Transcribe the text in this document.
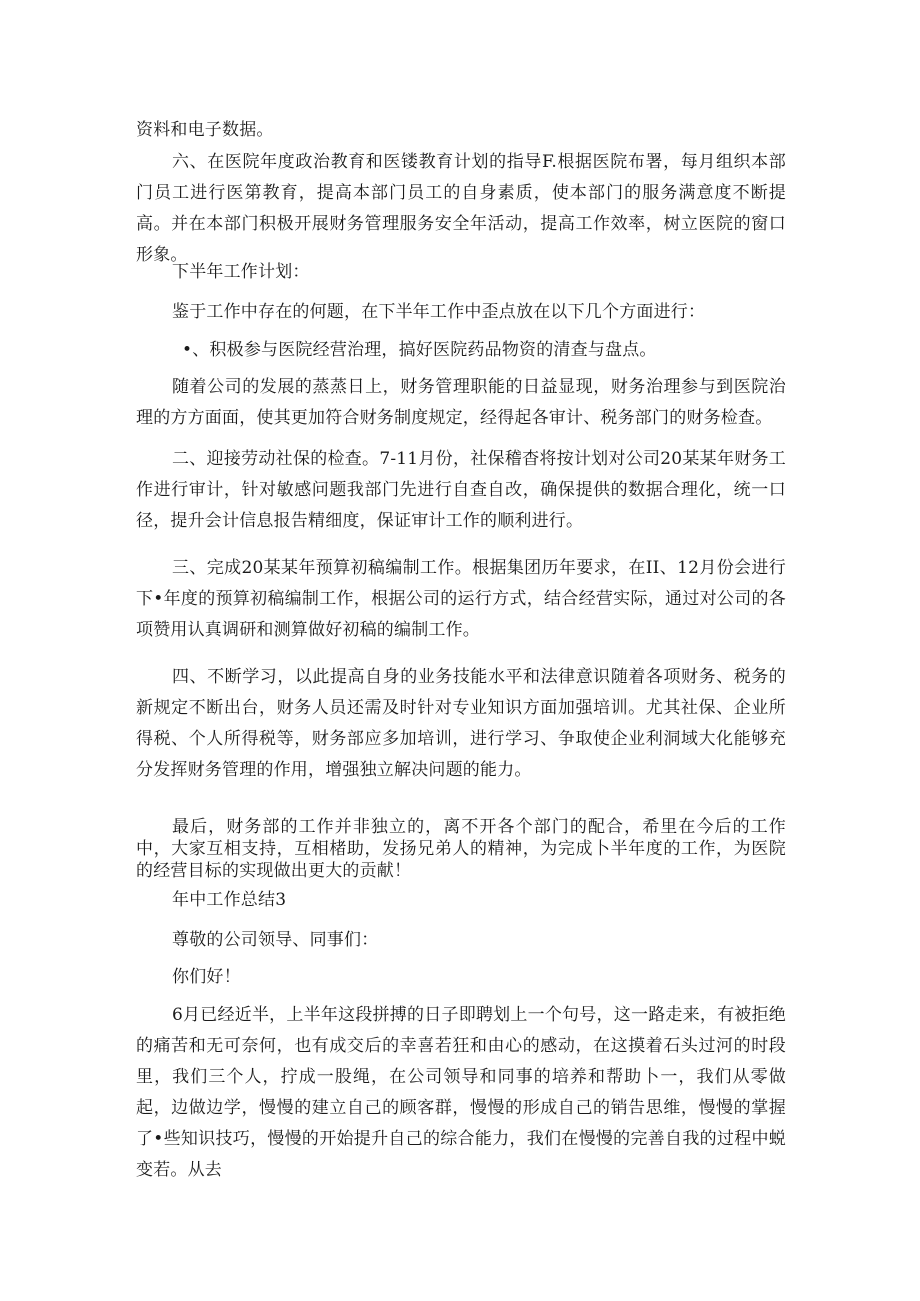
资料和电子数据。

六、在医院年度政治教育和医镂教育计划的指导F.根据医院布署，每月组织本部门员工进行医第教育，提高本部门员工的自身素质，使本部门的服务满意度不断提高。并在本部门积极开展财务管理服务安全年活动，提高工作效率，树立医院的窗口形象。

下半年工作计划：

鉴于工作中存在的何题，在下半年工作中歪点放在以下几个方面进行：

•、积极参与医院经营治理，搞好医院药品物资的清查与盘点。

随着公司的发展的蒸蒸日上，财务管理职能的日益显现，财务治理参与到医院治理的方方面面，使其更加符合财务制度规定，经得起各审计、税务部门的财务检查。

二、迎接劳动社保的检查。7-11月份，社保稽杳将按计划对公司20某某年财务工作进行审计，针对敏感问题我部门先进行自查自改，确保提供的数据合理化，统一口径，提升会计信息报告精细度，保证审计工作的顺利进行。

三、完成20某某年预算初稿编制工作。根据集团历年要求，在II、12月份会进行下•年度的预算初稿编制工作，根据公司的运行方式，结合经营实际，通过对公司的各项赞用认真调研和测算做好初稿的编制工作。

四、不断学习，以此提高自身的业务技能水平和法律意识随着各项财务、税务的新规定不断出台，财务人员还需及时针对专业知识方面加强培训。尤其社保、企业所得税、个人所得税等，财务部应多加培训，进行学习、争取使企业利洞域大化能够充分发挥财务管理的作用，增强独立解决问题的能力。

最后，财务部的工作并非独立的，离不开各个部门的配合，希里在今后的工作中，大家互相支持，互相楮助，发扬兄弟人的精神，为完成卜半年度的工作，为医院的经营目标的实现做出更大的贡献！

年中工作总结3

尊敬的公司领导、同事们：

你们好！

6月已经近半，上半年这段拼搏的日子即聘划上一个句号，这一路走来，有被拒绝的痛苦和无可奈何，也有成交后的幸喜若狂和由心的感动，在这摸着石头过河的时段里，我们三个人，拧成一股绳，在公司领导和同事的培养和帮助卜一，我们从零做起，边做边学，慢慢的建立自己的顾客群，慢慢的形成自己的销告思维，慢慢的掌握了•些知识技巧，慢慢的开始提升自己的综合能力，我们在慢慢的完善自我的过程中蜕变若。从去
